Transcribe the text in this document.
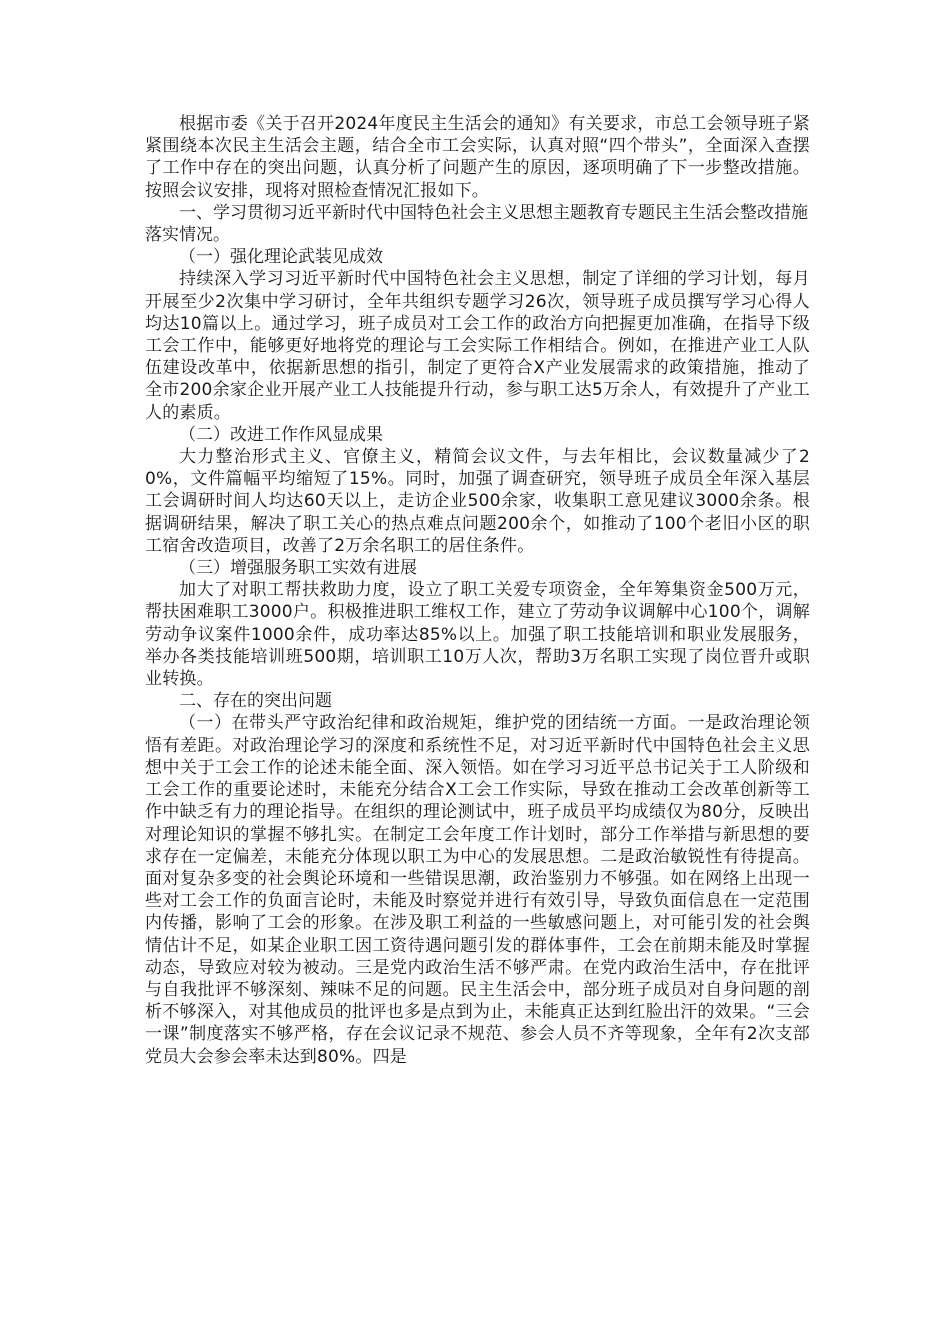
根据市委《关于召开2024年度民主生活会的通知》有关要求，市总工会领导班子紧紧围绕本次民主生活会主题，结合全市工会实际，认真对照“四个带头”，全面深入查摆了工作中存在的突出问题，认真分析了问题产生的原因，逐项明确了下一步整改措施。按照会议安排，现将对照检查情况汇报如下。

一、学习贯彻习近平新时代中国特色社会主义思想主题教育专题民主生活会整改措施落实情况。

（一）强化理论武装见成效

持续深入学习习近平新时代中国特色社会主义思想，制定了详细的学习计划，每月开展至少2次集中学习研讨，全年共组织专题学习26次，领导班子成员撰写学习心得人均达10篇以上。通过学习，班子成员对工会工作的政治方向把握更加准确，在指导下级工会工作中，能够更好地将党的理论与工会实际工作相结合。例如，在推进产业工人队伍建设改革中，依据新思想的指引，制定了更符合X产业发展需求的政策措施，推动了全市200余家企业开展产业工人技能提升行动，参与职工达5万余人，有效提升了产业工人的素质。

（二）改进工作作风显成果

大力整治形式主义、官僚主义，精简会议文件，与去年相比，会议数量减少了20%，文件篇幅平均缩短了15%。同时，加强了调查研究，领导班子成员全年深入基层工会调研时间人均达60天以上，走访企业500余家，收集职工意见建议3000余条。根据调研结果，解决了职工关心的热点难点问题200余个，如推动了100个老旧小区的职工宿舍改造项目，改善了2万余名职工的居住条件。

（三）增强服务职工实效有进展

加大了对职工帮扶救助力度，设立了职工关爱专项资金，全年筹集资金500万元，帮扶困难职工3000户。积极推进职工维权工作，建立了劳动争议调解中心100个，调解劳动争议案件1000余件，成功率达85%以上。加强了职工技能培训和职业发展服务，举办各类技能培训班500期，培训职工10万人次，帮助3万名职工实现了岗位晋升或职业转换。

二、存在的突出问题

（一）在带头严守政治纪律和政治规矩，维护党的团结统一方面。一是政治理论领悟有差距。对政治理论学习的深度和系统性不足，对习近平新时代中国特色社会主义思想中关于工会工作的论述未能全面、深入领悟。如在学习习近平总书记关于工人阶级和工会工作的重要论述时，未能充分结合X工会工作实际，导致在推动工会改革创新等工作中缺乏有力的理论指导。在组织的理论测试中，班子成员平均成绩仅为80分，反映出对理论知识的掌握不够扎实。在制定工会年度工作计划时，部分工作举措与新思想的要求存在一定偏差，未能充分体现以职工为中心的发展思想。二是政治敏锐性有待提高。面对复杂多变的社会舆论环境和一些错误思潮，政治鉴别力不够强。如在网络上出现一些对工会工作的负面言论时，未能及时察觉并进行有效引导，导致负面信息在一定范围内传播，影响了工会的形象。在涉及职工利益的一些敏感问题上，对可能引发的社会舆情估计不足，如某企业职工因工资待遇问题引发的群体事件，工会在前期未能及时掌握动态，导致应对较为被动。三是党内政治生活不够严肃。在党内政治生活中，存在批评与自我批评不够深刻、辣味不足的问题。民主生活会中，部分班子成员对自身问题的剖析不够深入，对其他成员的批评也多是点到为止，未能真正达到红脸出汗的效果。“三会一课”制度落实不够严格，存在会议记录不规范、参会人员不齐等现象，全年有2次支部党员大会参会率未达到80%。四是
